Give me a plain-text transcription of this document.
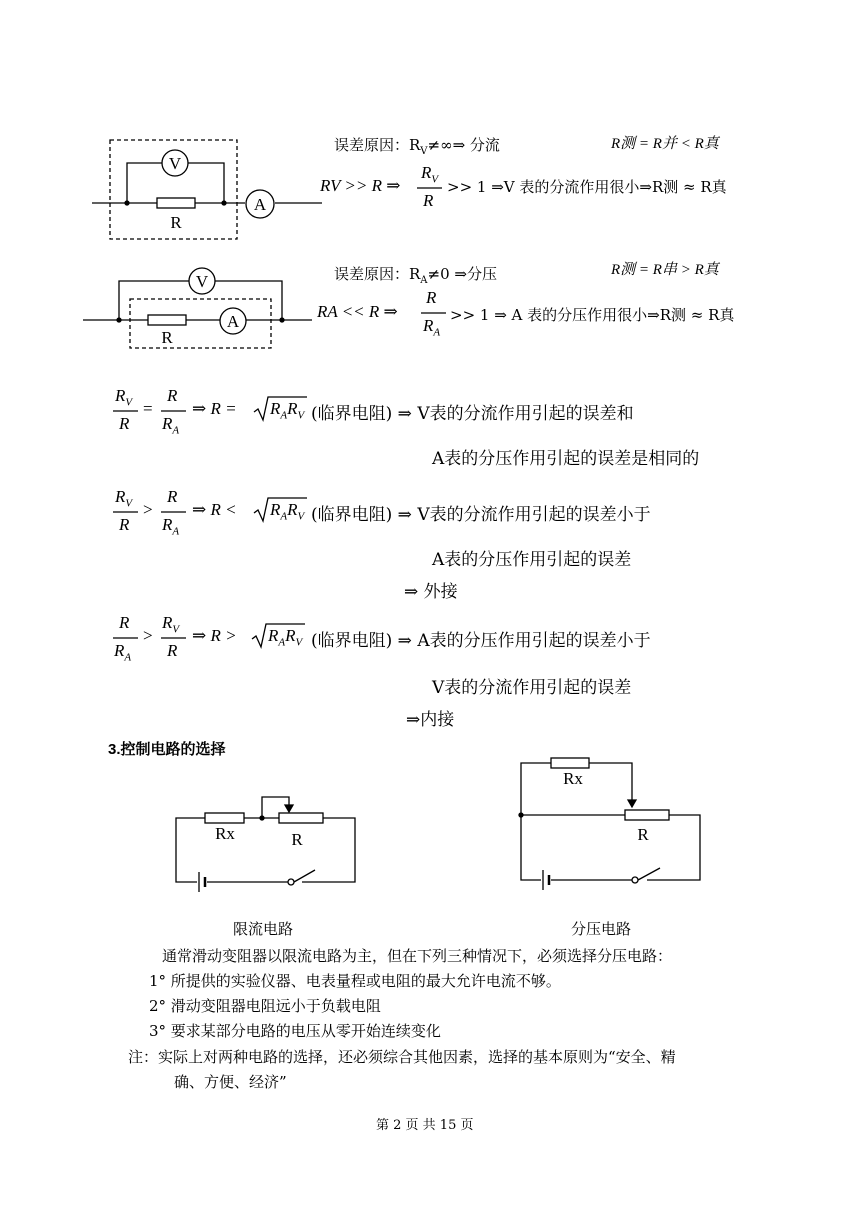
V
A
R
V
A
R
Rx	R
Rx
R
误差原因：$R_V\ne\infty\Rightarrow$ 分流	R测 = R并 < R真
RV >> R ⇒
$R_V$
R
>> 1 ⇒V 表的分流作用很小⇒R测 ≈ R真
误差原因：$R_A\ne 0$ ⇒分压	R测 = R串 > R真
RA << R ⇒
R
$R_A$
>> 1 ⇒ A 表的分压作用很小⇒R测 ≈ R真
$R_V$
R
=
R
$R_A$
⇒ $R = R_AR_V$ (临界电阻) ⇒ V表的分流作用引起的误差和
A表的分压作用引起的误差是相同的
$R_V$
R
>
R
$R_A$
⇒ $R < R_AR_V$ (临界电阻) ⇒ V表的分流作用引起的误差小于
A表的分压作用引起的误差
⇒ 外接
R
$R_A$
>
$R_V$
R
⇒ $R > R_AR_V$ (临界电阻) ⇒ A表的分压作用引起的误差小于
V表的分流作用引起的误差
⇒内接
3.控制电路的选择
限流电路	分压电路
通常滑动变阻器以限流电路为主，但在下列三种情况下，必须选择分压电路：
1° 所提供的实验仪器、电表量程或电阻的最大允许电流不够。
2° 滑动变阻器电阻远小于负载电阻
3° 要求某部分电路的电压从零开始连续变化
注：实际上对两种电路的选择，还必须综合其他因素，选择的基本原则为“安全、精
确、方便、经济”
第 2 页 共 15 页
